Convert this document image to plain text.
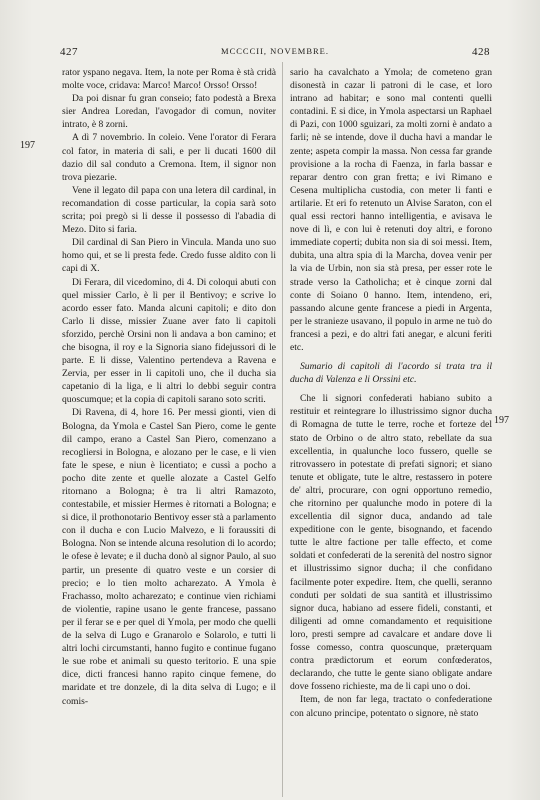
427	MCCCCII, NOVEMBRE.	428
197
197

rator yspano negava. Item, la note per Roma è stà cridà molte voce, cridava: Marco! Marco! Orsso! Orsso!

Da poi disnar fu gran conseio; fato podestà a Brexa sier Andrea Loredan, l'avogador di comun, noviter intrato, è 8 zorni.

A dì 7 novembrio. In coleio. Vene l'orator di Ferara col fator, in materia di sali, e per li ducati 1600 dil dazio dil sal conduto a Cremona. Item, il signor non trova piezarie.

Vene il legato dil papa con una letera dil cardinal, in recomandation di cosse particular, la copia sarà soto scrita; poi pregò si li desse il possesso di l'abadia di Mezo. Dito si faria.

Dil cardinal di San Piero in Vincula. Manda uno suo homo qui, et se li presta fede. Credo fusse aldito con li capi di X.

Di Ferara, dil vicedomino, di 4. Di coloqui abuti con quel missier Carlo, è lì per il Bentivoy; e scrive lo acordo esser fato. Manda alcuni capitoli; e dito don Carlo li disse, missier Zuane aver fato li capitoli sforzido, perchè Orsini non li andava a bon camino; et che bisogna, il roy e la Signoria siano fidejussori di le parte. E li disse, Valentino pertendeva a Ravena e Zervia, per esser in li capitoli uno, che il ducha sia capetanio di la liga, e li altri lo debbi seguir contra quoscumque; et la copia di capitoli sarano soto scriti.

Di Ravena, di 4, hore 16. Per messi gionti, vien di Bologna, da Ymola e Castel San Piero, come le gente dil campo, erano a Castel San Piero, comenzano a recogliersi in Bologna, e alozano per le case, e li vien fate le spese, e niun è licentiato; e cussì a pocho a pocho dite zente et quelle alozate a Castel Gelfo ritornano a Bologna; è tra li altri Ramazoto, contestabile, et missier Hermes è ritornati a Bologna; e si dice, il prothonotario Bentivoy esser stà a parlamento con il ducha e con Lucio Malvezo, e li foraussiti di Bologna. Non se intende alcuna resolution di lo acordo; le ofese è levate; e il ducha donò al signor Paulo, al suo partir, un presente di quatro veste e un corsier di precio; e lo tien molto acharezato. A Ymola è Frachasso, molto acharezato; e continue vien richiami de violentie, rapine usano le gente francese, passano per il ferar se e per quel di Ymola, per modo che quelli de la selva di Lugo e Granarolo e Solarolo, e tutti li altri lochi circumstanti, hanno fugito e continue fugano le sue robe et animali su questo teritorio. E una spie dice, dicti francesi hanno rapito cinque femene, do maridate et tre donzele, di la dita selva di Lugo; e il comis-

sario ha cavalchato a Ymola; de cometeno gran disonestà in cazar li patroni di le case, et loro intrano ad habitar; e sono mal contenti quelli contadini. E si dice, in Ymola aspectarsi un Raphael di Pazi, con 1000 sguizari, za molti zorni è andato a farli; nè se intende, dove il ducha havi a mandar le zente; aspeta compir la massa. Non cessa far grande provisione a la rocha di Faenza, in farla bassar e reparar dentro con gran fretta; e ivi Rimano e Cesena multiplicha custodia, con meter li fanti e artilarie. Et eri fo retenuto un Alvise Saraton, con el qual essi rectori hanno intelligentia, e avisava le nove di lì, e con lui è retenuti doy altri, e forono immediate coperti; dubita non sia di soi messi. Item, dubita, una altra spia di la Marcha, dovea venir per la via de Urbin, non sia stà presa, per esser rote le strade verso la Catholicha; et è cinque zorni dal conte di Soiano 0 hanno. Item, intendeno, eri, passando alcune gente francese a piedi in Argenta, per le stranieze usavano, il populo in arme ne tuò do francesi a pezi, e do altri fati anegar, e alcuni feriti etc.

Sumario di capitoli di l'acordo si trata tra il ducha di Valenza e li Orssini etc.

Che li signori confederati habiano subito a restituir et reintegrare lo illustrissimo signor ducha di Romagna de tutte le terre, roche et forteze del stato de Orbino o de altro stato, rebellate da sua excellentia, in qualunche loco fussero, quelle se ritrovassero in potestate di prefati signori; et siano tenute et obligate, tute le altre, restassero in potere de' altri, procurare, con ogni opportuno remedio, che ritornino per qualunche modo in potere di la excellentia dil signor duca, andando ad tale expeditione con le gente, bisognando, et facendo tutte le altre factione per talle effecto, et come soldati et confederati de la serenità del nostro signor et illustrissimo signor ducha; il che confidano facilmente poter expedire. Item, che quelli, seranno conduti per soldati de sua santità et illustrissimo signor duca, habiano ad essere fideli, constanti, et diligenti ad omne comandamento et requisitione loro, presti sempre ad cavalcare et andare dove li fosse comesso, contra quoscunque, præterquam contra prædictorum et eorum confœderatos, declarando, che tutte le gente siano obligate andare dove fosseno richieste, ma de li capi uno o doi.

Item, de non far lega, tractato o confederatione con alcuno principe, potentato o signore, nè stato
